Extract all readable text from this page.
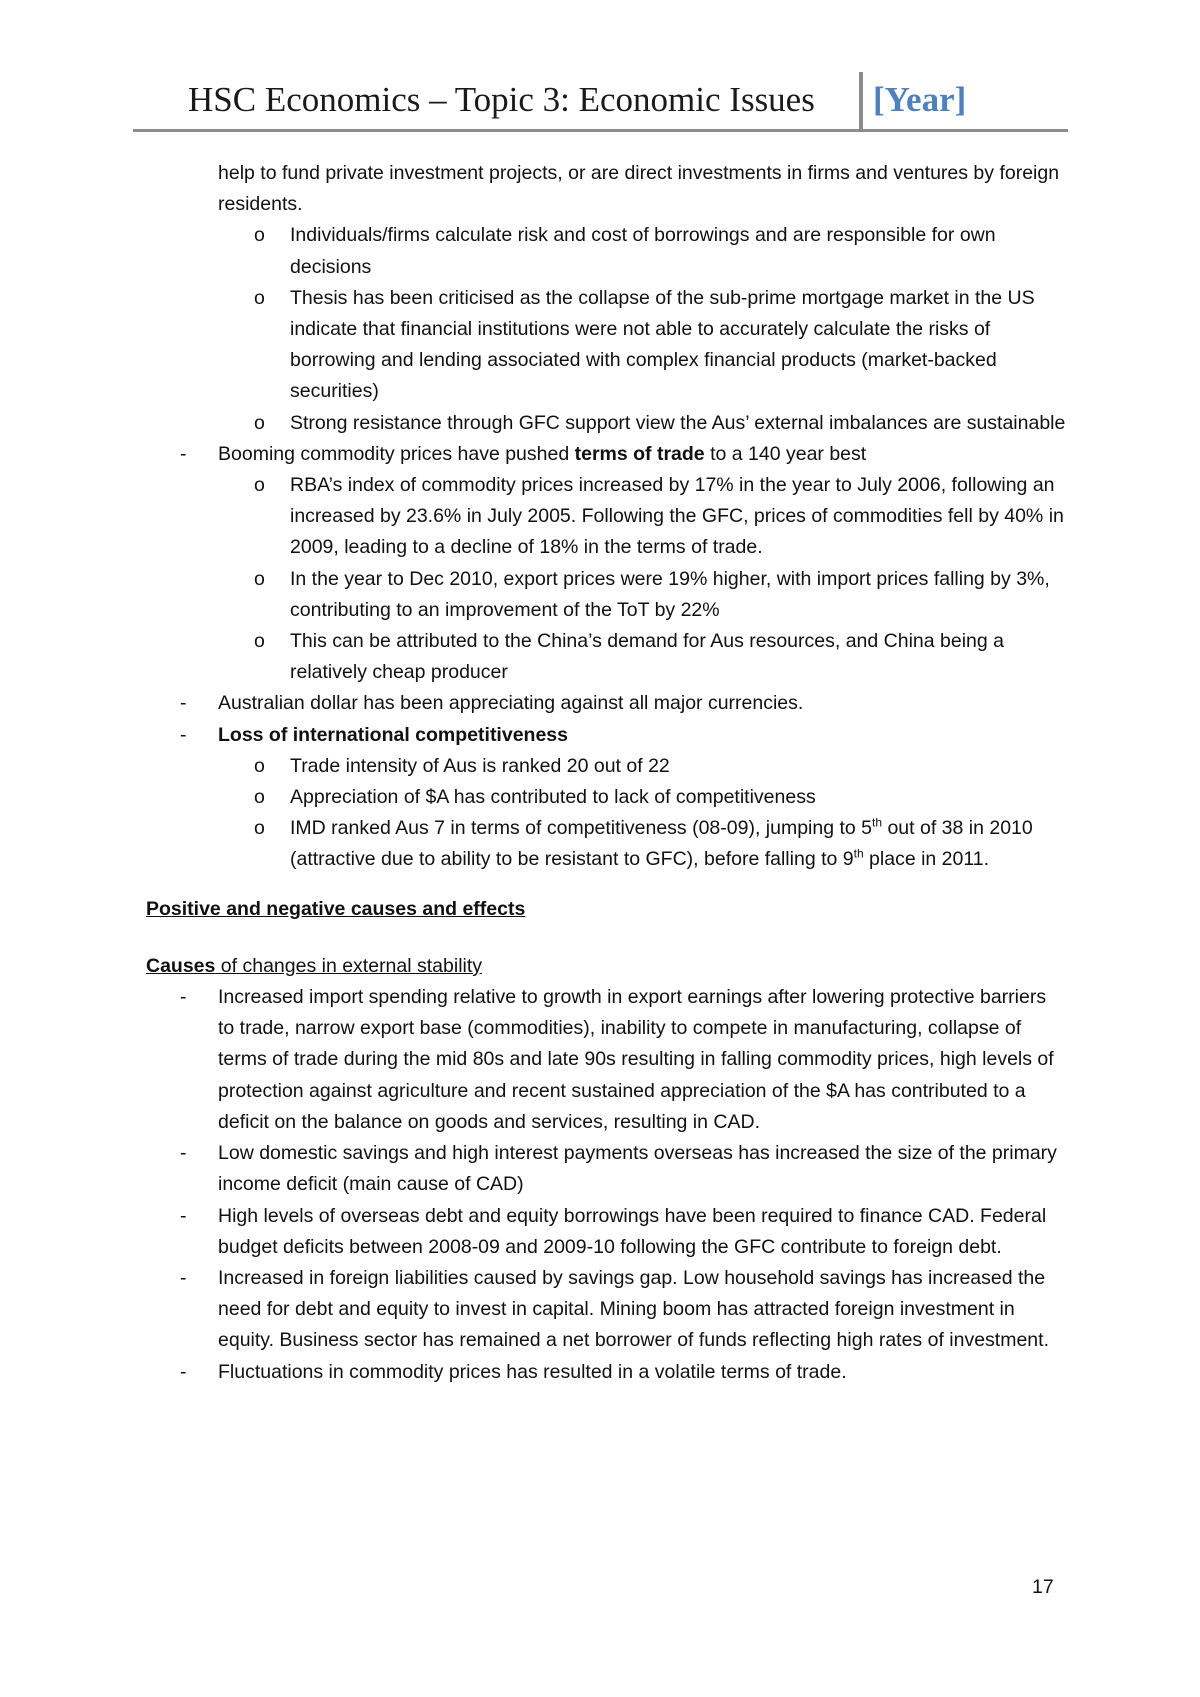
HSC Economics – Topic 3: Economic Issues [Year]

help to fund private investment projects, or are direct investments in firms and ventures by foreign residents.

o Individuals/firms calculate risk and cost of borrowings and are responsible for own decisions
o Thesis has been criticised as the collapse of the sub-prime mortgage market in the US indicate that financial institutions were not able to accurately calculate the risks of borrowing and lending associated with complex financial products (market-backed securities)
o Strong resistance through GFC support view the Aus’ external imbalances are sustainable
- Booming commodity prices have pushed terms of trade to a 140 year best
o RBA’s index of commodity prices increased by 17% in the year to July 2006, following an increased by 23.6% in July 2005. Following the GFC, prices of commodities fell by 40% in 2009, leading to a decline of 18% in the terms of trade.
o In the year to Dec 2010, export prices were 19% higher, with import prices falling by 3%, contributing to an improvement of the ToT by 22%
o This can be attributed to the China’s demand for Aus resources, and China being a relatively cheap producer
- Australian dollar has been appreciating against all major currencies.
- Loss of international competitiveness
o Trade intensity of Aus is ranked 20 out of 22
o Appreciation of $A has contributed to lack of competitiveness
o IMD ranked Aus 7 in terms of competitiveness (08-09), jumping to 5th out of 38 in 2010 (attractive due to ability to be resistant to GFC), before falling to 9th place in 2011.

Positive and negative causes and effects

Causes of changes in external stability

- Increased import spending relative to growth in export earnings after lowering protective barriers to trade, narrow export base (commodities), inability to compete in manufacturing, collapse of terms of trade during the mid 80s and late 90s resulting in falling commodity prices, high levels of protection against agriculture and recent sustained appreciation of the $A has contributed to a deficit on the balance on goods and services, resulting in CAD.
- Low domestic savings and high interest payments overseas has increased the size of the primary income deficit (main cause of CAD)
- High levels of overseas debt and equity borrowings have been required to finance CAD. Federal budget deficits between 2008-09 and 2009-10 following the GFC contribute to foreign debt.
- Increased in foreign liabilities caused by savings gap. Low household savings has increased the need for debt and equity to invest in capital. Mining boom has attracted foreign investment in equity. Business sector has remained a net borrower of funds reflecting high rates of investment.
- Fluctuations in commodity prices has resulted in a volatile terms of trade.
17
